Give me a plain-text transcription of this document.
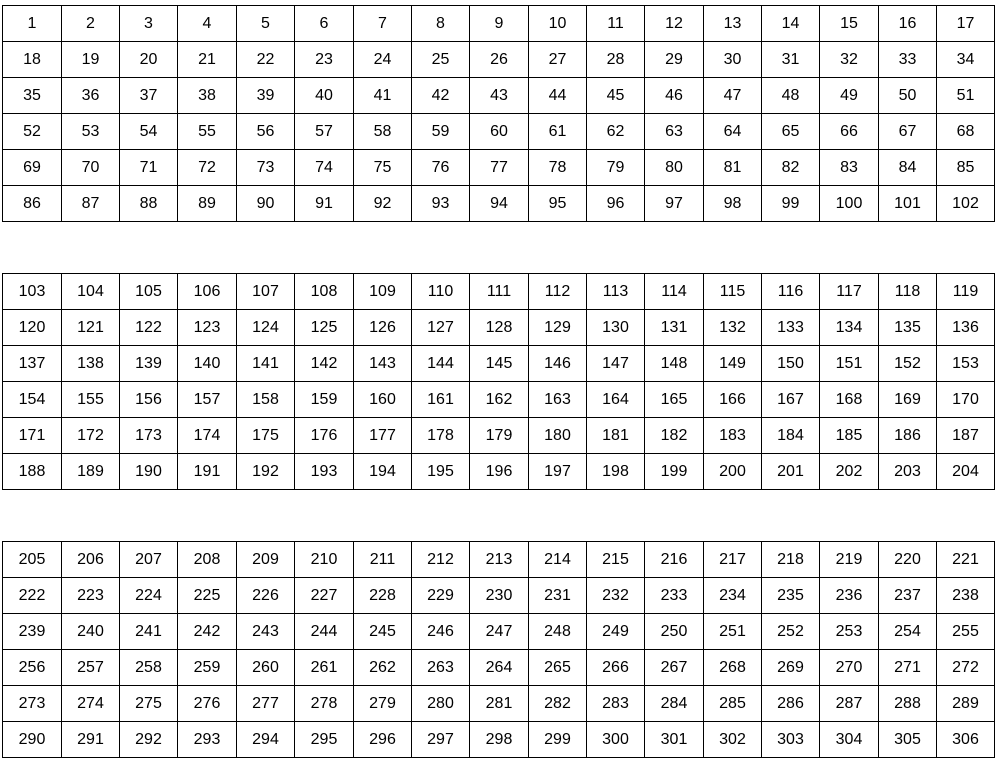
1	2	3	4	5	6	7	8	9	10	11	12	13	14	15	16	17
18	19	20	21	22	23	24	25	26	27	28	29	30	31	32	33	34
35	36	37	38	39	40	41	42	43	44	45	46	47	48	49	50	51
52	53	54	55	56	57	58	59	60	61	62	63	64	65	66	67	68
69	70	71	72	73	74	75	76	77	78	79	80	81	82	83	84	85
86	87	88	89	90	91	92	93	94	95	96	97	98	99	100	101	102
103	104	105	106	107	108	109	110	111	112	113	114	115	116	117	118	119
120	121	122	123	124	125	126	127	128	129	130	131	132	133	134	135	136
137	138	139	140	141	142	143	144	145	146	147	148	149	150	151	152	153
154	155	156	157	158	159	160	161	162	163	164	165	166	167	168	169	170
171	172	173	174	175	176	177	178	179	180	181	182	183	184	185	186	187
188	189	190	191	192	193	194	195	196	197	198	199	200	201	202	203	204
205	206	207	208	209	210	211	212	213	214	215	216	217	218	219	220	221
222	223	224	225	226	227	228	229	230	231	232	233	234	235	236	237	238
239	240	241	242	243	244	245	246	247	248	249	250	251	252	253	254	255
256	257	258	259	260	261	262	263	264	265	266	267	268	269	270	271	272
273	274	275	276	277	278	279	280	281	282	283	284	285	286	287	288	289
290	291	292	293	294	295	296	297	298	299	300	301	302	303	304	305	306
